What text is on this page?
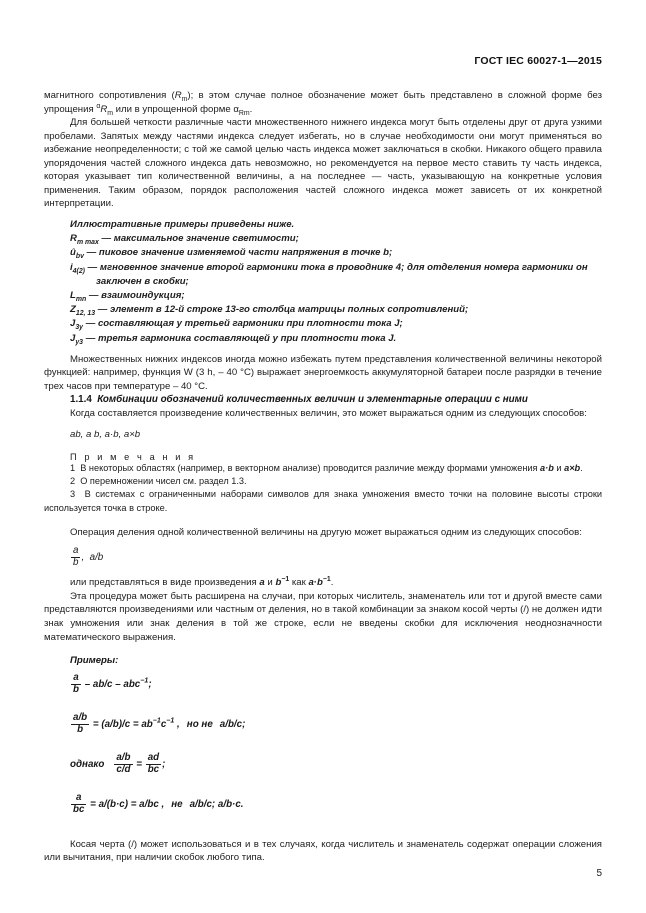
ГОСТ IEC 60027-1—2015

магнитного сопротивления $(R_m)$; в этом случае полное обозначение может быть представлено в сложной форме без упрощения $^\alpha R_m$ или в упрощенной форме $\alpha_{Rm}$.

Для большей четкости различные части множественного нижнего индекса могут быть отделены друг от друга узкими пробелами. Запятых между частями индекса следует избегать, но в случае необходимости они могут применяться во избежание неопределенности; с той же самой целью часть индекса может заключаться в скобки. Никакого общего правила упорядочения частей сложного индекса дать невозможно, но рекомендуется на первое место ставить ту часть индекса, которая указывает тип количественной величины, а на последнее — часть, указывающую на конкретные условия применения. Таким образом, порядок расположения частей сложного индекса может зависеть от их конкретной интерпретации.

Иллюстративные примеры приведены ниже.
$R_{m max}$ — максимальное значение светимости;
$û_{bv}$ — пиковое значение изменяемой части напряжения в точке b;
$i_{4(2)}$ — мгновенное значение второй гармоники тока в проводнике 4; для отделения номера гармоники он заключен в скобки;
$L_{mn}$ — взаимоиндукция;
$Z_{12, 13}$ — элемент в 12-й строке 13-го столбца матрицы полных сопротивлений;
$J_{3y}$ — составляющая y третьей гармоники при плотности тока J;
$J_{y3}$ — третья гармоника составляющей y при плотности тока J.

Множественных нижних индексов иногда можно избежать путем представления количественной величины некоторой функцией: например, функция W (3 h, – 40 °C) выражает энергоемкость аккумуляторной батареи после разрядки в течение трех часов при температуре – 40 °C.

1.1.4 Комбинации обозначений количественных величин и элементарные операции с ними

Когда составляется произведение количественных величин, это может выражаться одним из следующих способов:

ab, a b, a·b, a×b

П р и м е ч а н и я

1 В некоторых областях (например, в векторном анализе) проводится различие между формами умножения a·b и a×b.

2 О перемножении чисел см. раздел 1.3.

3 В системах с ограниченными наборами символов для знака умножения вместо точки на половине высоты строки используется точка в строке.

Операция деления одной количественной величины на другую может выражаться одним из следующих способов:

$\frac{a}{b}$ ,  a/b

или представляться в виде произведения a и $b^{-1}$ как $a\cdot b^{-1}$.

Эта процедура может быть расширена на случаи, при которых числитель, знаменатель или тот и другой вместе сами представляются произведениями или частным от деления, но в такой комбинации за знаком косой черты (/) не должен идти знак умножения или знак деления в той же строке, если не введены скобки для исключения неоднозначности математического выражения.

Примеры:

$\frac{a}{b} - ab/c - abc^{-1}$;
$\frac{a/b}{b} = (a/b)/c = ab^{-1}c^{-1}$ , но не a/b/c;
однако $\frac{a/b}{c/d} = \frac{ad}{bc}$ ;
$\frac{a}{bc} = a/(b\cdot c) = a/bc$ , не a/b/c; a/b·c.

Косая черта (/) может использоваться и в тех случаях, когда числитель и знаменатель содержат операции сложения или вычитания, при наличии скобок любого типа.

5
